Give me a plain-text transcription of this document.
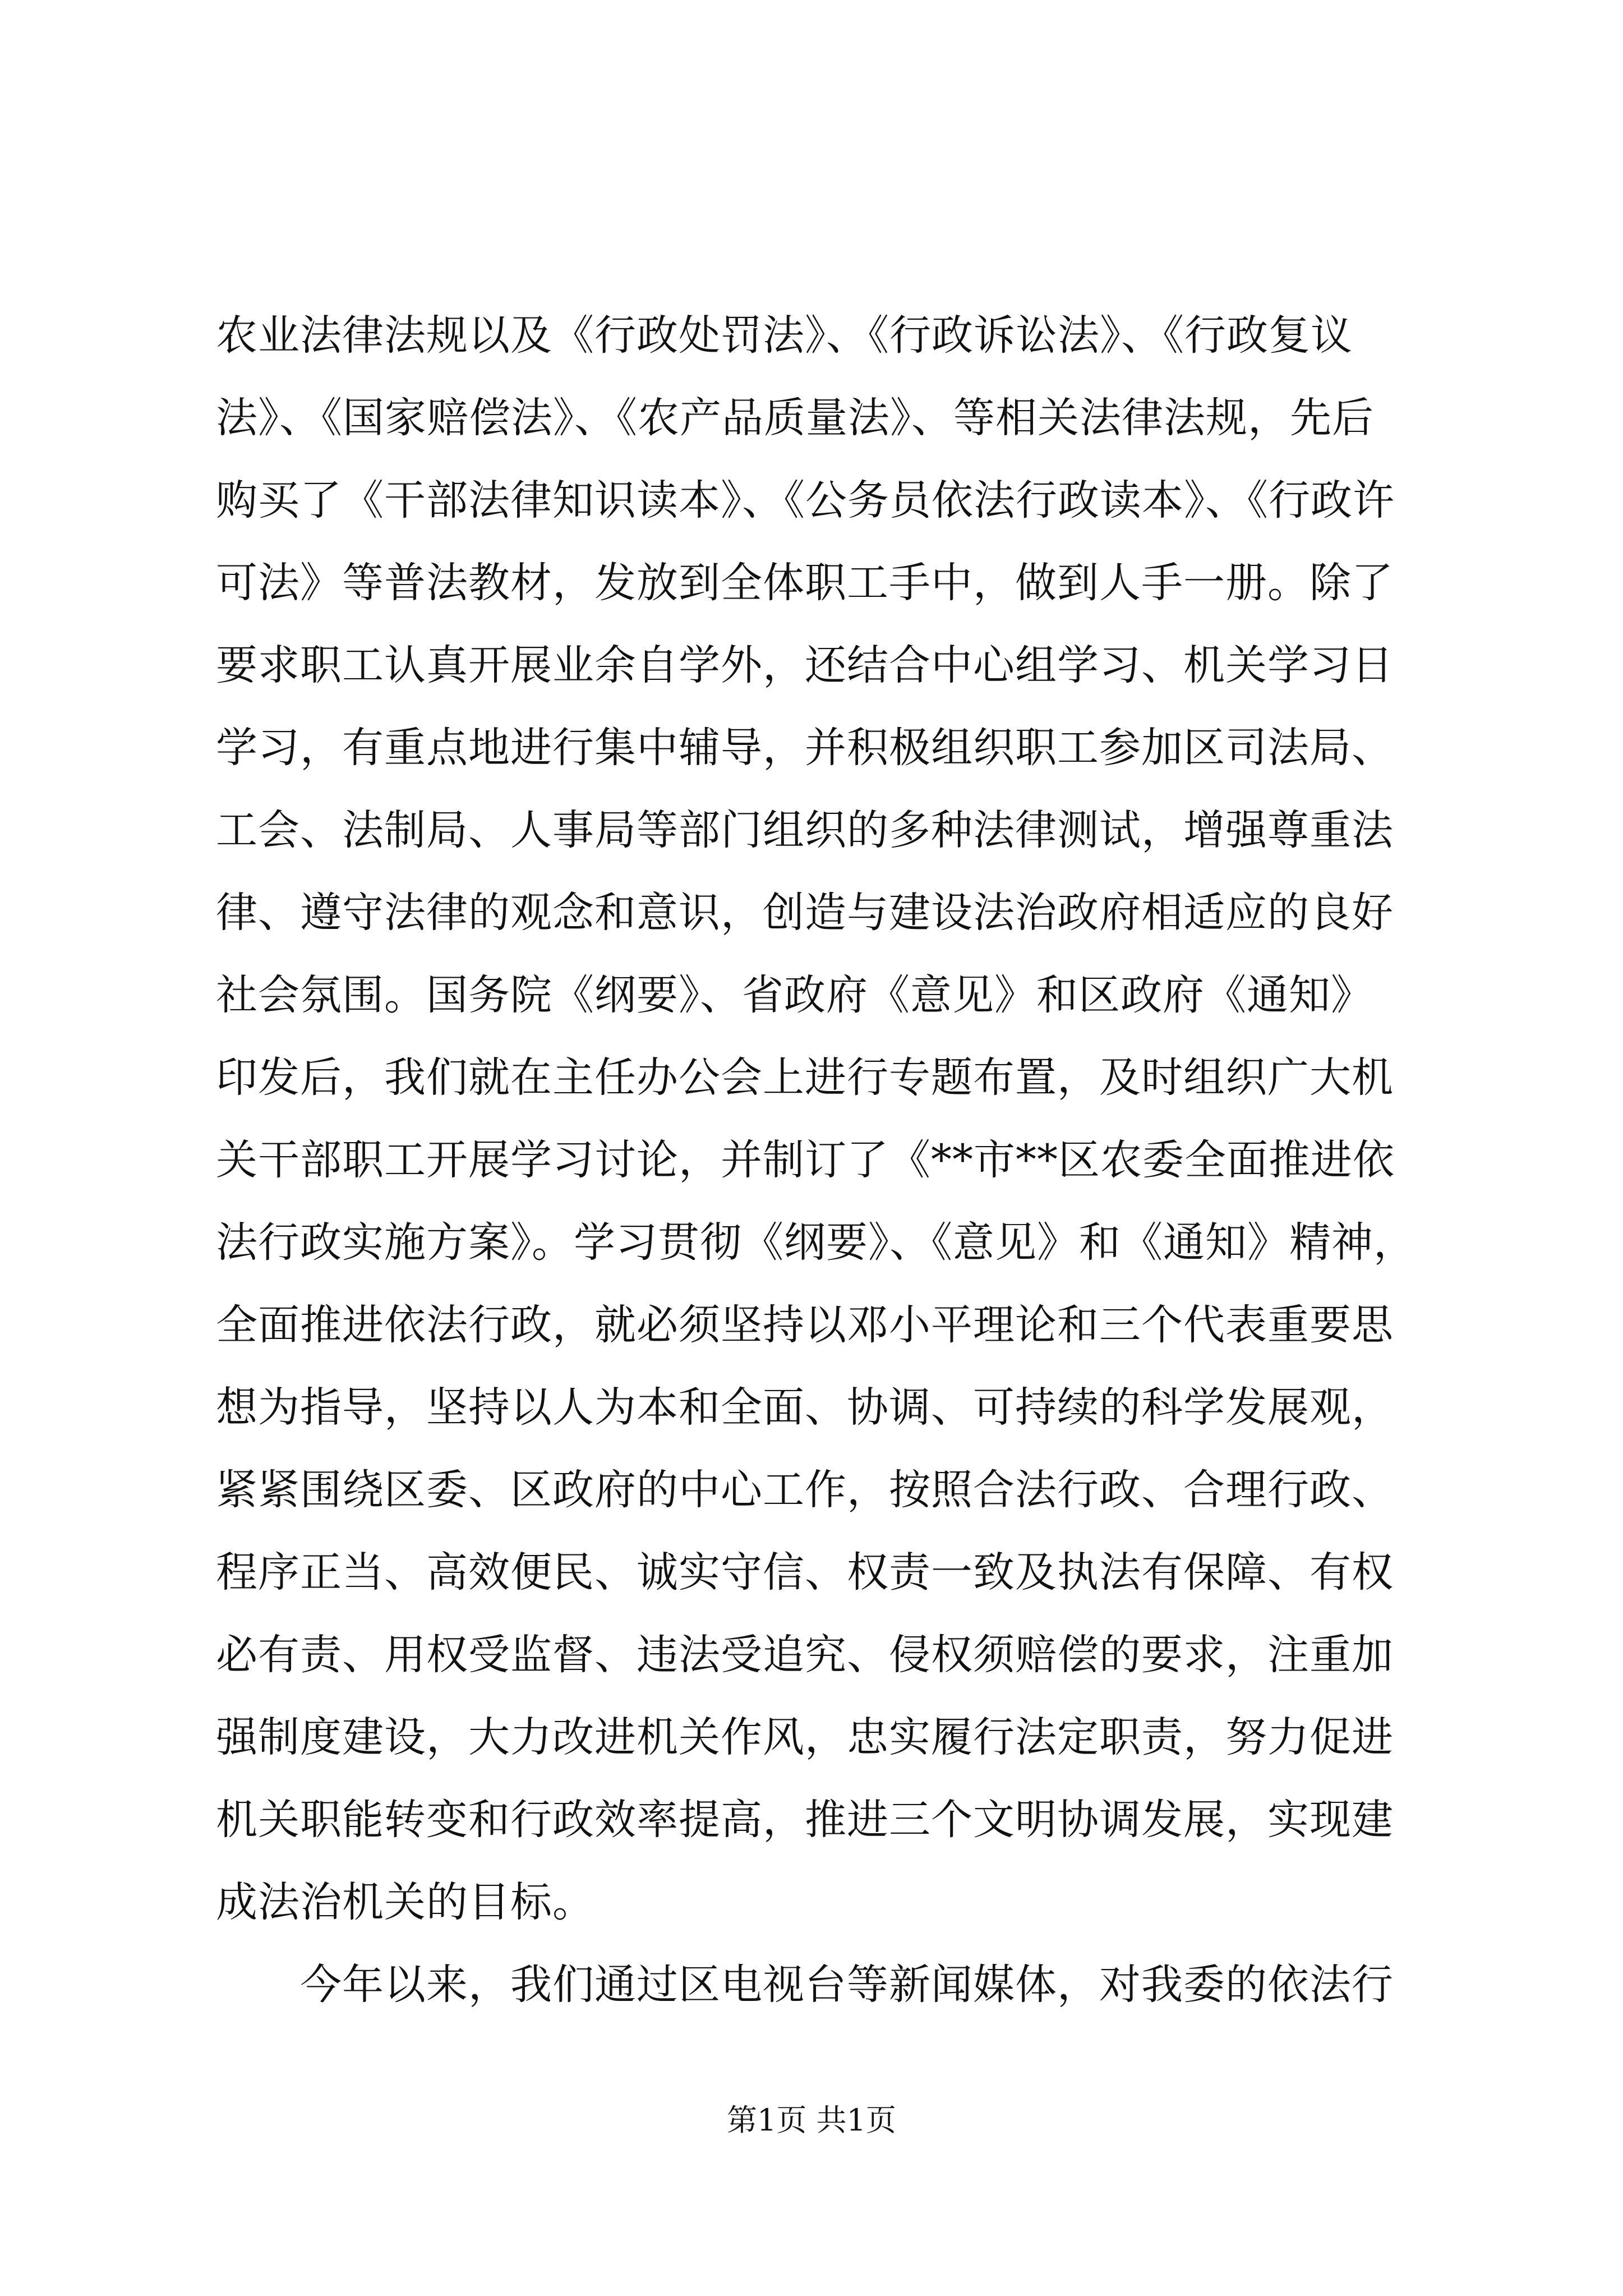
农业法律法规以及《行政处罚法》、《行政诉讼法》、《行政复议
法》、《国家赔偿法》、《农产品质量法》、等相关法律法规，先后
购买了《干部法律知识读本》、《公务员依法行政读本》、《行政许
可法》等普法教材，发放到全体职工手中，做到人手一册。除了
要求职工认真开展业余自学外，还结合中心组学习、机关学习日
学习，有重点地进行集中辅导，并积极组织职工参加区司法局、
工会、法制局、人事局等部门组织的多种法律测试，增强尊重法
律、遵守法律的观念和意识，创造与建设法治政府相适应的良好
社会氛围。国务院《纲要》、省政府《意见》和区政府《通知》
印发后，我们就在主任办公会上进行专题布置，及时组织广大机
关干部职工开展学习讨论，并制订了《**市**区农委全面推进依
法行政实施方案》。学习贯彻《纲要》、《意见》和《通知》精神，
全面推进依法行政，就必须坚持以邓小平理论和三个代表重要思
想为指导，坚持以人为本和全面、协调、可持续的科学发展观，
紧紧围绕区委、区政府的中心工作，按照合法行政、合理行政、
程序正当、高效便民、诚实守信、权责一致及执法有保障、有权
必有责、用权受监督、违法受追究、侵权须赔偿的要求，注重加
强制度建设，大力改进机关作风，忠实履行法定职责，努力促进
机关职能转变和行政效率提高，推进三个文明协调发展，实现建
成法治机关的目标。
今年以来，我们通过区电视台等新闻媒体，对我委的依法行
第1页 共1页
